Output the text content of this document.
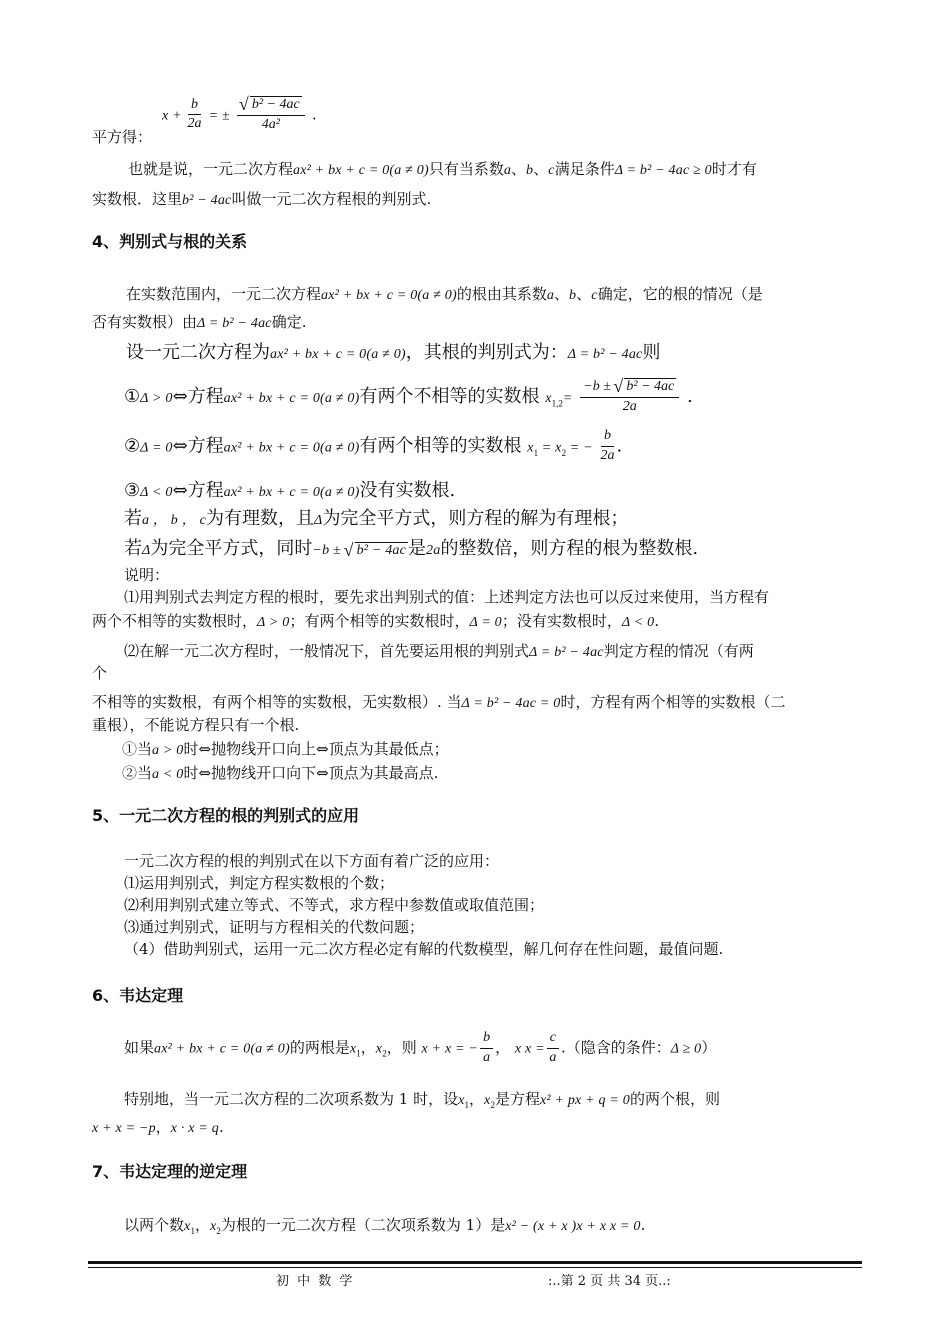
平方得：
$x + \frac{b}{2a}$ = ±
√ $\frac{\text{b² − 4ac}}{\text{4a²}}$ .
也就是说，一元二次方程ax² + bx + c = 0(a ≠ 0)只有当系数a、b、c满足条件Δ = b² − 4ac ≥ 0时才有
实数根．这里b² − 4ac叫做一元二次方程根的判别式.
4、判别式与根的关系
在实数范围内，一元二次方程ax² + bx + c = 0(a ≠ 0)的根由其系数a、b、c确定，它的根的情况（是
否有实数根）由Δ = b² − 4ac确定.
设一元二次方程为ax² + bx + c = 0(a ≠ 0)，其根的判别式为：Δ = b² − 4ac则
①Δ > 0⇔方程ax² + bx + c = 0(a ≠ 0)有两个不相等的实数根 $x_{1,2}= \frac{\text{−b ± √ b² − 4ac}}{2a}$ .
②Δ = 0⇔方程ax² + bx + c = 0(a ≠ 0)有两个相等的实数根 $x_1 = x_2$ = − $\frac{b}{2a}$ .
③Δ < 0⇔方程ax² + bx + c = 0(a ≠ 0)没有实数根.
若a ， b ， c为有理数，且Δ为完全平方式，则方程的解为有理根；
若Δ为完全平方式，同时−b ± √ b² − 4ac 是2a的整数倍，则方程的根为整数根.
说明：
⑴用判别式去判定方程的根时，要先求出判别式的值：上述判定方法也可以反过来使用，当方程有
两个不相等的实数根时，Δ > 0；有两个相等的实数根时，Δ = 0；没有实数根时，Δ < 0.
⑵在解一元二次方程时，一般情况下，首先要运用根的判别式Δ = b² − 4ac判定方程的情况（有两
个
不相等的实数根，有两个相等的实数根，无实数根）. 当Δ = b² − 4ac = 0时，方程有两个相等的实数根（二
重根），不能说方程只有一个根.
①当a > 0时⇔抛物线开口向上⇔顶点为其最低点；
②当a < 0时⇔抛物线开口向下⇔顶点为其最高点.
5、一元二次方程的根的判别式的应用
一元二次方程的根的判别式在以下方面有着广泛的应用：
⑴运用判别式，判定方程实数根的个数；
⑵利用判别式建立等式、不等式，求方程中参数值或取值范围；
⑶通过判别式，证明与方程相关的代数问题；
（4）借助判别式，运用一元二次方程必定有解的代数模型，解几何存在性问题，最值问题.
6、韦达定理
如果ax² + bx + c = 0(a ≠ 0)的两根是$x_1$，$x_2$，则 x + x = − $\frac{b}{a}$ ， x $x = \frac{c}{a}$ .（隐含的条件：Δ ≥ 0）
特别地，当一元二次方程的二次项系数为 1 时，设$x_1$，$x_2$是方程x² + px + q = 0的两个根，则
x + x = −p，x · x = q.
7、韦达定理的逆定理
以两个数$x_1$，$x_2$为根的一元二次方程（二次项系数为 1）是x² − (x + x )x + x x = 0.
初 中 数 学	:..第 2 页 共 34 页..:
